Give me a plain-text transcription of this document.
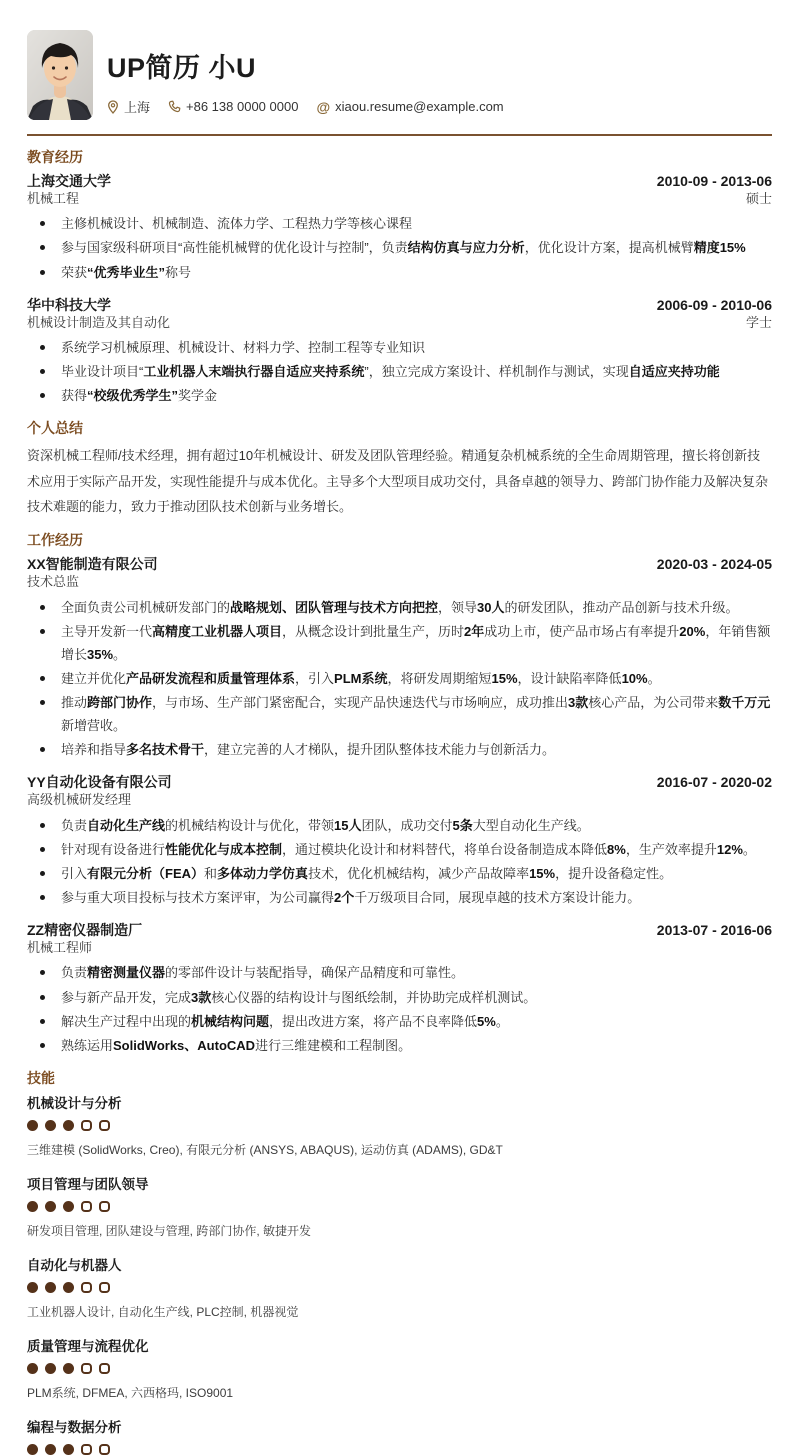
UP简历 小U
上海	+86 138 0000 0000 @ xiaou.resume@example.com
教育经历
上海交通大学	2010-09 - 2013-06
机械工程	硕士
主修机械设计、机械制造、流体力学、工程热力学等核心课程
参与国家级科研项目“高性能机械臂的优化设计与控制”，负责结构仿真与应力分析，优化设计方案，提高机械臂精度15%
荣获“优秀毕业生”称号
华中科技大学	2006-09 - 2010-06
机械设计制造及其自动化	学士
系统学习机械原理、机械设计、材料力学、控制工程等专业知识
毕业设计项目“工业机器人末端执行器自适应夹持系统”，独立完成方案设计、样机制作与测试，实现自适应夹持功能
获得“校级优秀学生”奖学金
个人总结

资深机械工程师/技术经理，拥有超过10年机械设计、研发及团队管理经验。精通复杂机械系统的全生命周期管理，擅长将创新技术应用于实际产品开发，实现性能提升与成本优化。主导多个大型项目成功交付，具备卓越的领导力、跨部门协作能力及解决复杂技术难题的能力，致力于推动团队技术创新与业务增长。

工作经历
XX智能制造有限公司	2020-03 - 2024-05
技术总监
全面负责公司机械研发部门的战略规划、团队管理与技术方向把控，领导30人的研发团队，推动产品创新与技术升级。
主导开发新一代高精度工业机器人项目，从概念设计到批量生产，历时2年成功上市，使产品市场占有率提升20%，年销售额增长35%。
建立并优化产品研发流程和质量管理体系，引入PLM系统，将研发周期缩短15%，设计缺陷率降低10%。
推动跨部门协作，与市场、生产部门紧密配合，实现产品快速迭代与市场响应，成功推出3款核心产品，为公司带来数千万元新增营收。
培养和指导多名技术骨干，建立完善的人才梯队，提升团队整体技术能力与创新活力。
YY自动化设备有限公司	2016-07 - 2020-02
高级机械研发经理
负责自动化生产线的机械结构设计与优化，带领15人团队，成功交付5条大型自动化生产线。
针对现有设备进行性能优化与成本控制，通过模块化设计和材料替代，将单台设备制造成本降低8%，生产效率提升12%。
引入有限元分析（FEA）和多体动力学仿真技术，优化机械结构，减少产品故障率15%，提升设备稳定性。
参与重大项目投标与技术方案评审，为公司赢得2个千万级项目合同，展现卓越的技术方案设计能力。
ZZ精密仪器制造厂	2013-07 - 2016-06
机械工程师
负责精密测量仪器的零部件设计与装配指导，确保产品精度和可靠性。
参与新产品开发，完成3款核心仪器的结构设计与图纸绘制，并协助完成样机测试。
解决生产过程中出现的机械结构问题，提出改进方案，将产品不良率降低5%。
熟练运用SolidWorks、AutoCAD进行三维建模和工程制图。
技能
机械设计与分析
三维建模 (SolidWorks, Creo), 有限元分析 (ANSYS, ABAQUS), 运动仿真 (ADAMS), GD&T
项目管理与团队领导
研发项目管理, 团队建设与管理, 跨部门协作, 敏捷开发
自动化与机器人
工业机器人设计, 自动化生产线, PLC控制, 机器视觉
质量管理与流程优化
PLM系统, DFMEA, 六西格玛, ISO9001
编程与数据分析
